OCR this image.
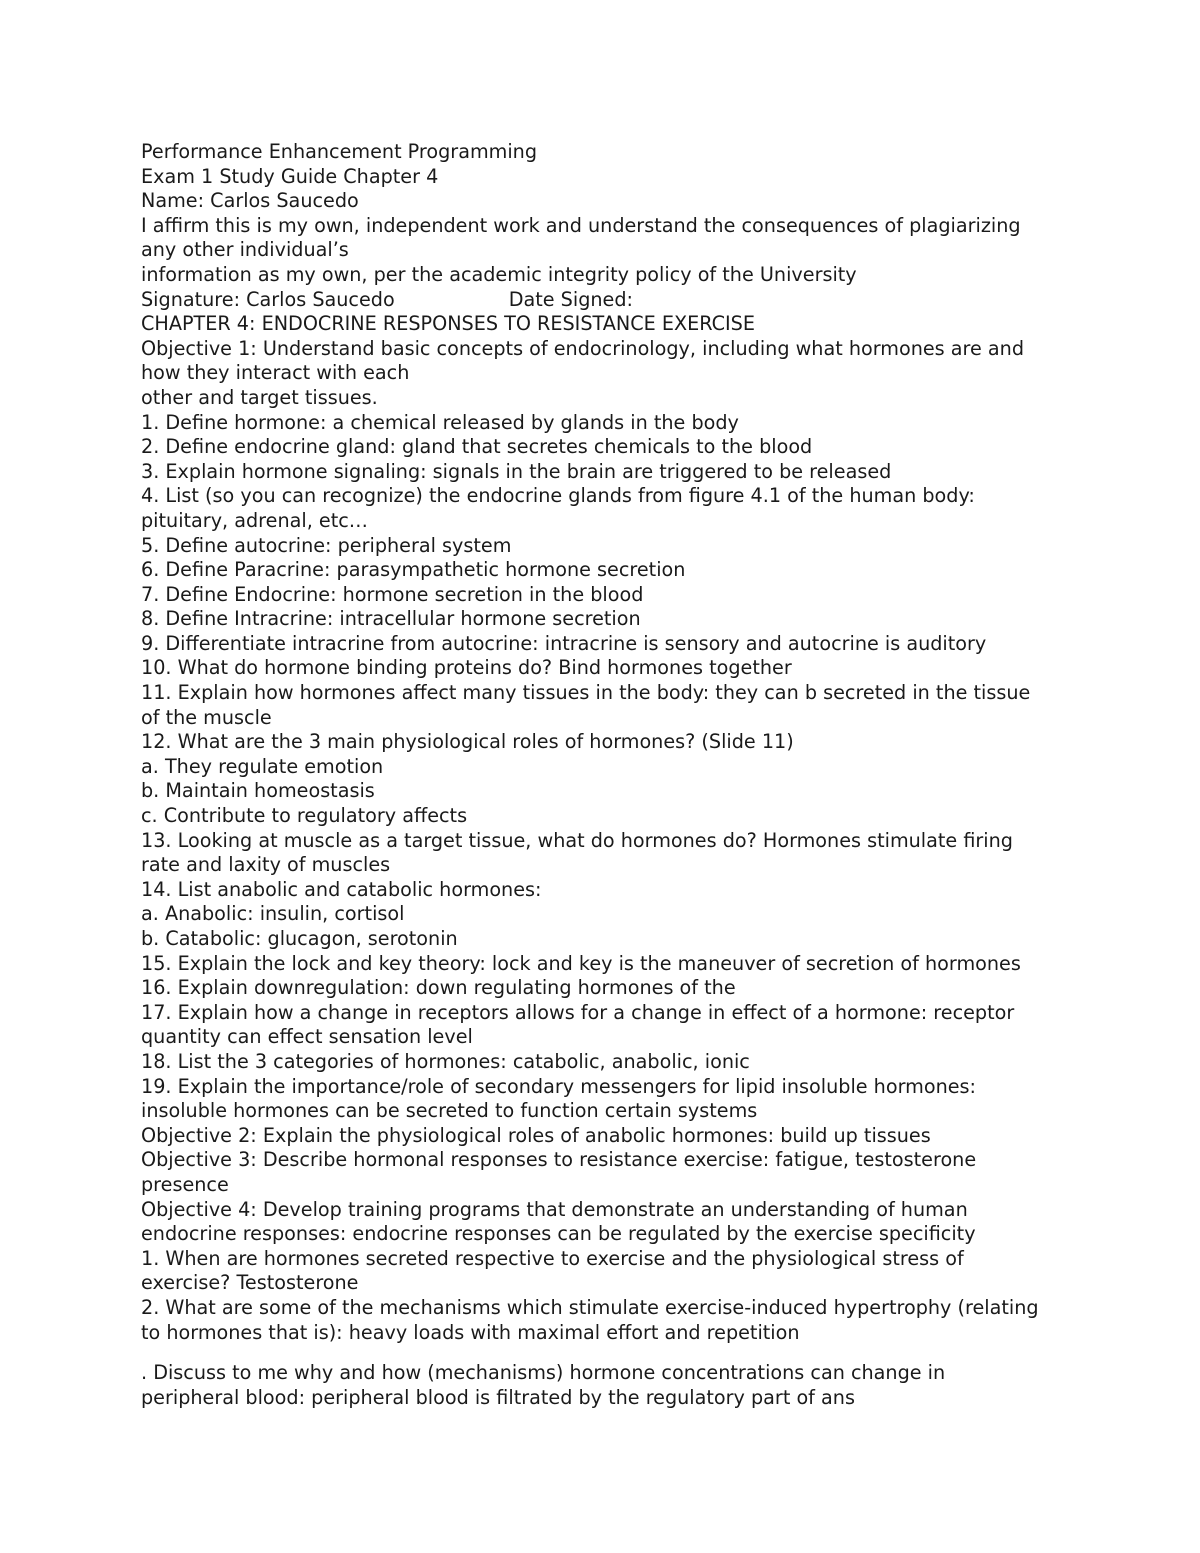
Performance Enhancement Programming
Exam 1 Study Guide Chapter 4
Name: Carlos Saucedo
I affirm this is my own, independent work and understand the consequences of plagiarizing
any other individual’s
information as my own, per the academic integrity policy of the University
Signature: Carlos Saucedo	Date Signed:
CHAPTER 4: ENDOCRINE RESPONSES TO RESISTANCE EXERCISE
Objective 1: Understand basic concepts of endocrinology, including what hormones are and
how they interact with each
other and target tissues.
1. Define hormone: a chemical released by glands in the body
2. Define endocrine gland: gland that secretes chemicals to the blood
3. Explain hormone signaling: signals in the brain are triggered to be released
4. List (so you can recognize) the endocrine glands from figure 4.1 of the human body:
pituitary, adrenal, etc…
5. Define autocrine: peripheral system
6. Define Paracrine: parasympathetic hormone secretion
7. Define Endocrine: hormone secretion in the blood
8. Define Intracrine: intracellular hormone secretion
9. Differentiate intracrine from autocrine: intracrine is sensory and autocrine is auditory
10. What do hormone binding proteins do? Bind hormones together
11. Explain how hormones affect many tissues in the body: they can b secreted in the tissue
of the muscle
12. What are the 3 main physiological roles of hormones? (Slide 11)
a. They regulate emotion
b. Maintain homeostasis
c. Contribute to regulatory affects
13. Looking at muscle as a target tissue, what do hormones do? Hormones stimulate firing
rate and laxity of muscles
14. List anabolic and catabolic hormones:
a. Anabolic: insulin, cortisol
b. Catabolic: glucagon, serotonin
15. Explain the lock and key theory: lock and key is the maneuver of secretion of hormones
16. Explain downregulation: down regulating hormones of the
17. Explain how a change in receptors allows for a change in effect of a hormone: receptor
quantity can effect sensation level
18. List the 3 categories of hormones: catabolic, anabolic, ionic
19. Explain the importance/role of secondary messengers for lipid insoluble hormones:
insoluble hormones can be secreted to function certain systems
Objective 2: Explain the physiological roles of anabolic hormones: build up tissues
Objective 3: Describe hormonal responses to resistance exercise: fatigue, testosterone
presence
Objective 4: Develop training programs that demonstrate an understanding of human
endocrine responses: endocrine responses can be regulated by the exercise specificity
1. When are hormones secreted respective to exercise and the physiological stress of
exercise? Testosterone
2. What are some of the mechanisms which stimulate exercise-induced hypertrophy (relating
to hormones that is): heavy loads with maximal effort and repetition
. Discuss to me why and how (mechanisms) hormone concentrations can change in
peripheral blood: peripheral blood is filtrated by the regulatory part of ans
